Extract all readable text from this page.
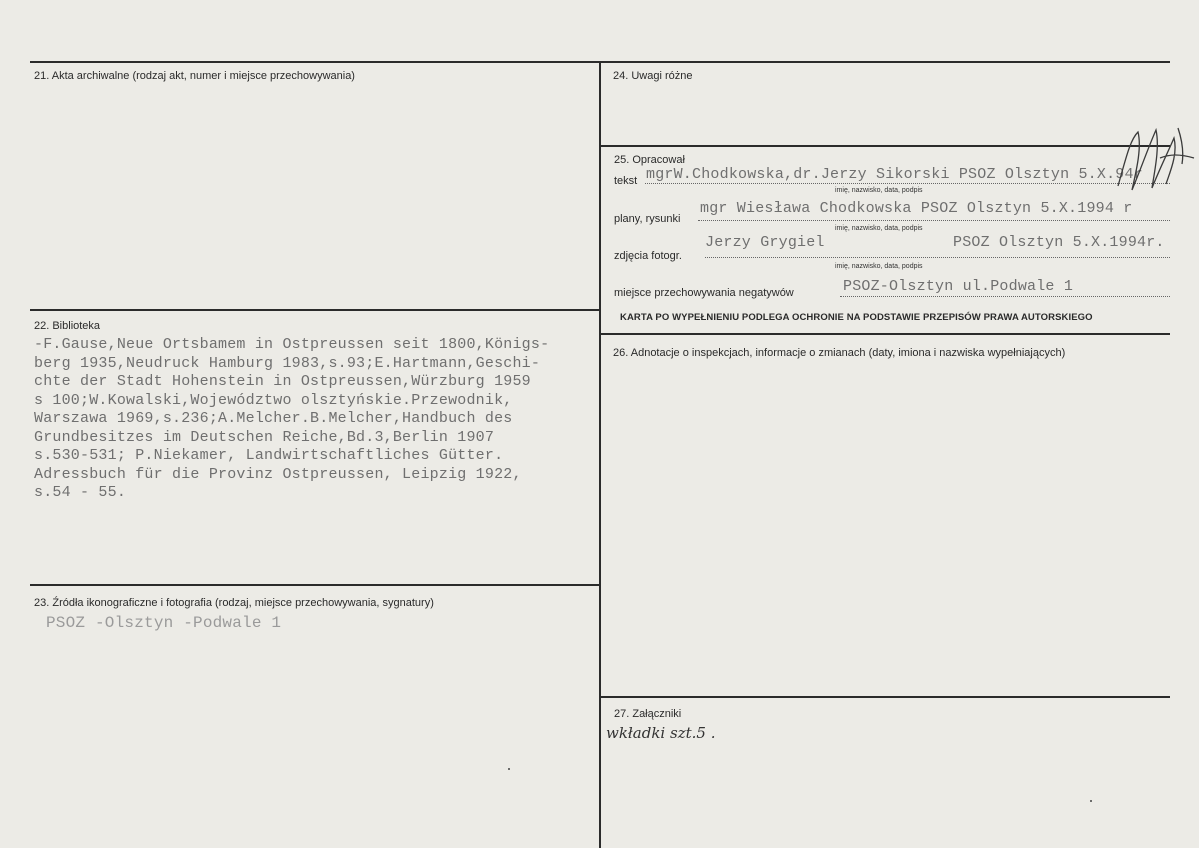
21. Akta archiwalne (rodzaj akt, numer i miejsce przechowywania)
22. Biblioteka
-F.Gause,Neue Ortsbamem in Ostpreussen seit 1800,Königs-
berg 1935,Neudruck Hamburg 1983,s.93;E.Hartmann,Geschi-
chte der Stadt Hohenstein in Ostpreussen,Würzburg 1959
s 100;W.Kowalski,Województwo olsztyńskie.Przewodnik,
Warszawa 1969,s.236;A.Melcher.B.Melcher,Handbuch des
Grundbesitzes im Deutschen Reiche,Bd.3,Berlin 1907
s.530-531; P.Niekamer, Landwirtschaftliches Gütter.
Adressbuch für die Provinz Ostpreussen, Leipzig 1922,
s.54 - 55.
23. Źródła ikonograficzne i fotografia (rodzaj, miejsce przechowywania, sygnatury)
PSOZ -Olsztyn -Podwale 1
24. Uwagi różne
25. Opracował
tekst mgrW.Chodkowska,dr.Jerzy Sikorski PSOZ Olsztyn 5.X.94r
imię, nazwisko, data, podpis
plany, rysunki
mgr Wiesława Chodkowska PSOZ Olsztyn 5.X.1994 r
imię, nazwisko, data, podpis
zdjęcia fotogr.
Jerzy Grygiel	PSOZ Olsztyn 5.X.1994r.
imię, nazwisko, data, podpis
miejsce przechowywania negatywów	PSOZ-Olsztyn ul.Podwale 1
KARTA PO WYPEŁNIENIU PODLEGA OCHRONIE NA PODSTAWIE PRZEPISÓW PRAWA AUTORSKIEGO
26. Adnotacje o inspekcjach, informacje o zmianach (daty, imiona i nazwiska wypełniających)
27. Załączniki
wkładki szt.5 .
